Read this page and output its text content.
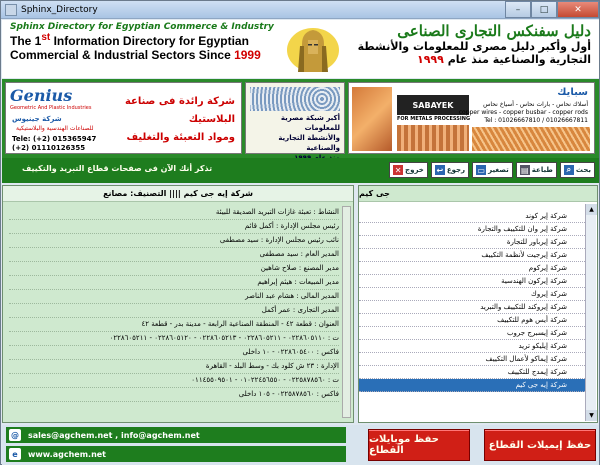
Sphinx_Directory	–	□	✕
Sphinx Directory for Egyptian Commerce & Industry
The 1st Information Directory for Egyptian
Commercial & Industrial Sectors Since 1999
دليل سفنكس التجارى الصناعى
أول وأكبر دليل مصرى للمعلومات والأنشطة
التجارية والصناعية منذ عام ١٩٩٩
Genius
Geometric And Plastic Industries
شركة جينيوس
للصناعات الهندسية والبلاستيكية
Tele: (+2) 015365947
(+2) 01110126355
شركة رائدة فى صناعة البلاستيك
ومواد التعبئة والتغليف
أكبر شبكة مصرية للمعلومات
والأنشطة التجارية والصناعية
SABAYEK
FOR METALS PROCESSING
سبايك
أسلاك نحاس - بارات نحاس - أسياخ نحاس
copper wires - copper busbar - copper rods
Tel : 01026667810 / 01026667811
تذكر أنك الآن فى صفحات قطاع التبريد والتكييف	✕ خروج ↩ رجوع ▭ تصغير ▤ طباعة	⌕ بحث
شركة إيه جى كيم |||| التصنيف: مصانع
النشاط : تعبئة غازات التبريد الصديقة للبيئة
رئيس مجلس الإدارة : أكمل قائم
نائب رئيس مجلس الإدارة : سيد مصطفى
المدير العام : سيد مصطفى
مدير المصنع : صلاح شاهين
مدير المبيعات : هيثم إبراهيم
المدير المالى : هشام عبد الناصر
المدير التجارى : عمر أكمل
العنوان : قطعة ٤٢ - المنطقة الصناعية الرابعة - مدينة بدر - قطعة ٤٢
ت : ٠٢٢٨٦٠٥١١٠ - ٠٢٢٨٦٠٥٢١١ - ٠٢٢٨٦٠٥٢١٣ - ٠٢٢٨٦٠٥١٢٠ - ٠٢٢٨٦٠٥٢١١
فاكس : ٠٢٢٨٦٠٥٤٠٠ - ١٠ داخلى
الإدارة : ٢٣ ش كلود بك - وسط البلد - القاهرة
ت : ٠٢٢٥٨٧٨٥٦٠ - ٠١٠٢٢٤٥٦٥٥٠ - ٠١١٤٥٥٠٩٥٠١
فاكس : ٠٢٢٥٨٧٨٥٦٠ - ١٠٥ داخلى
جى كيم
شركة إير كوند
شركة إير وان للتكييف والتجارة
شركة إيرباور للتجارة
شركة إيرجيت لأنظمة التكييف
شركة إيركوم
شركة إيركون الهندسية
شركة إيروك
شركة إيروكند للتكييف والتبريد
شركة أيس هوم للتكييف
شركة إيسبرج جروب
شركة إيليكو تريد
شركة إيماكو لأعمال التكييف
شركة إيمدج للتكييف
شركة إيه جى كيم
▲
▼
@ sales@agchem.net , info@agchem.net
e	www.agchem.net
حفظ موبايلات القطاع	حفظ إيميلات القطاع
